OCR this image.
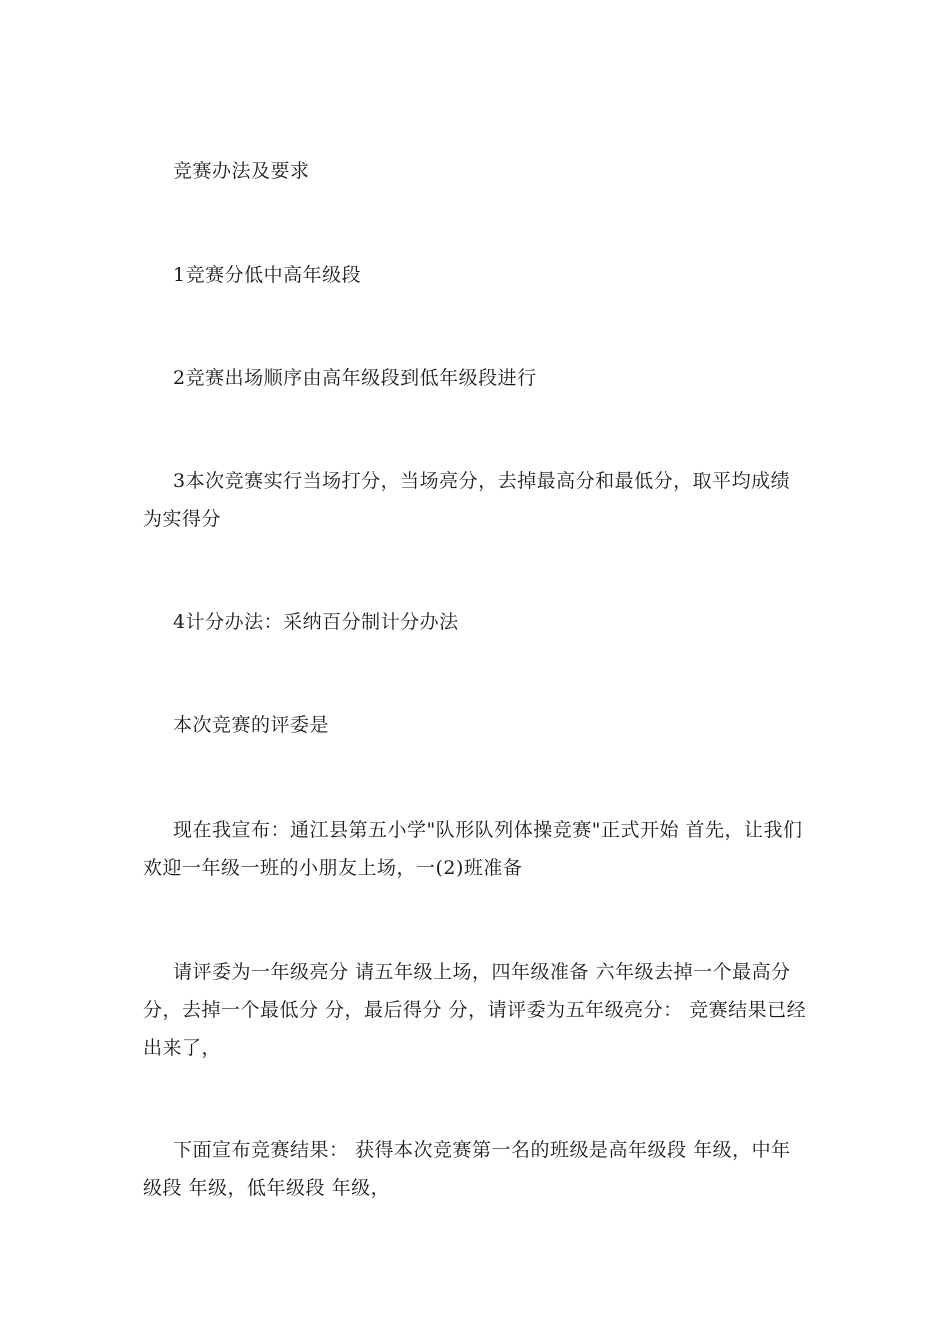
竞赛办法及要求

1竞赛分低中高年级段

2竞赛出场顺序由高年级段到低年级段进行

3本次竞赛实行当场打分，当场亮分，去掉最高分和最低分，取平均成绩为实得分

4计分办法：采纳百分制计分办法

本次竞赛的评委是

现在我宣布：通江县第五小学"队形队列体操竞赛"正式开始 首先，让我们欢迎一年级一班的小朋友上场，一(2)班准备

请评委为一年级亮分 请五年级上场，四年级准备 六年级去掉一个最高分 分，去掉一个最低分 分，最后得分 分，请评委为五年级亮分： 竞赛结果已经出来了，

下面宣布竞赛结果： 获得本次竞赛第一名的班级是高年级段 年级，中年级段 年级，低年级段 年级，
